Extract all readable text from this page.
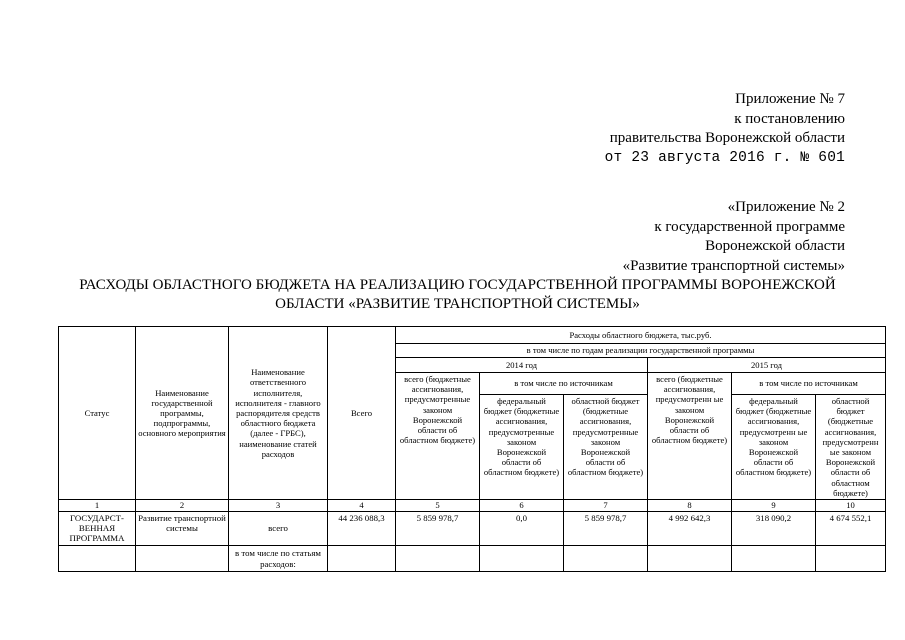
Приложение № 7
к постановлению
правительства Воронежской области
от 23 августа 2016 г. № 601
«Приложение № 2
к государственной программе
Воронежской области
«Развитие транспортной системы»
РАСХОДЫ ОБЛАСТНОГО БЮДЖЕТА НА РЕАЛИЗАЦИЮ ГОСУДАРСТВЕННОЙ ПРОГРАММЫ ВОРОНЕЖСКОЙ
ОБЛАСТИ «РАЗВИТИЕ ТРАНСПОРТНОЙ СИСТЕМЫ»
Статус	Наименование государственной программы, подпрограммы, основного мероприятия	Наименование ответственного исполнителя, исполнителя - главного распорядителя средств областного бюджета (далее - ГРБС), наименование статей расходов	Всего	Расходы областного бюджета, тыс.руб.					
				в том числе по годам реализации государственной программы					
				2014 год			2015 год		
				всего (бюджетные ассигнования, предусмотренные законом Воронежской области об областном бюджете)	в том числе по источникам		всего (бюджетные ассигнования, предусмотренн ые законом Воронежской области об областном бюджете)	в том числе по источникам	
					федеральный бюджет (бюджетные ассигнования, предусмотренные законом Воронежской области об областном бюджете)	областной бюджет (бюджетные ассигнования, предусмотренные законом Воронежской области об областном бюджете)		федеральный бюджет (бюджетные ассигнования, предусмотренн ые законом Воронежской области об областном бюджете)	областной бюджет (бюджетные ассигнования, предусмотренн ые законом Воронежской области об областном бюджете)
1	2	3	4	5	6	7	8	9	10
ГОСУДАРСТ-ВЕННАЯ ПРОГРАММА	Развитие транспортной системы	всего	44 236 088,3	5 859 978,7	0,0	5 859 978,7	4 992 642,3	318 090,2	4 674 552,1
		в том числе по статьям расходов:							
